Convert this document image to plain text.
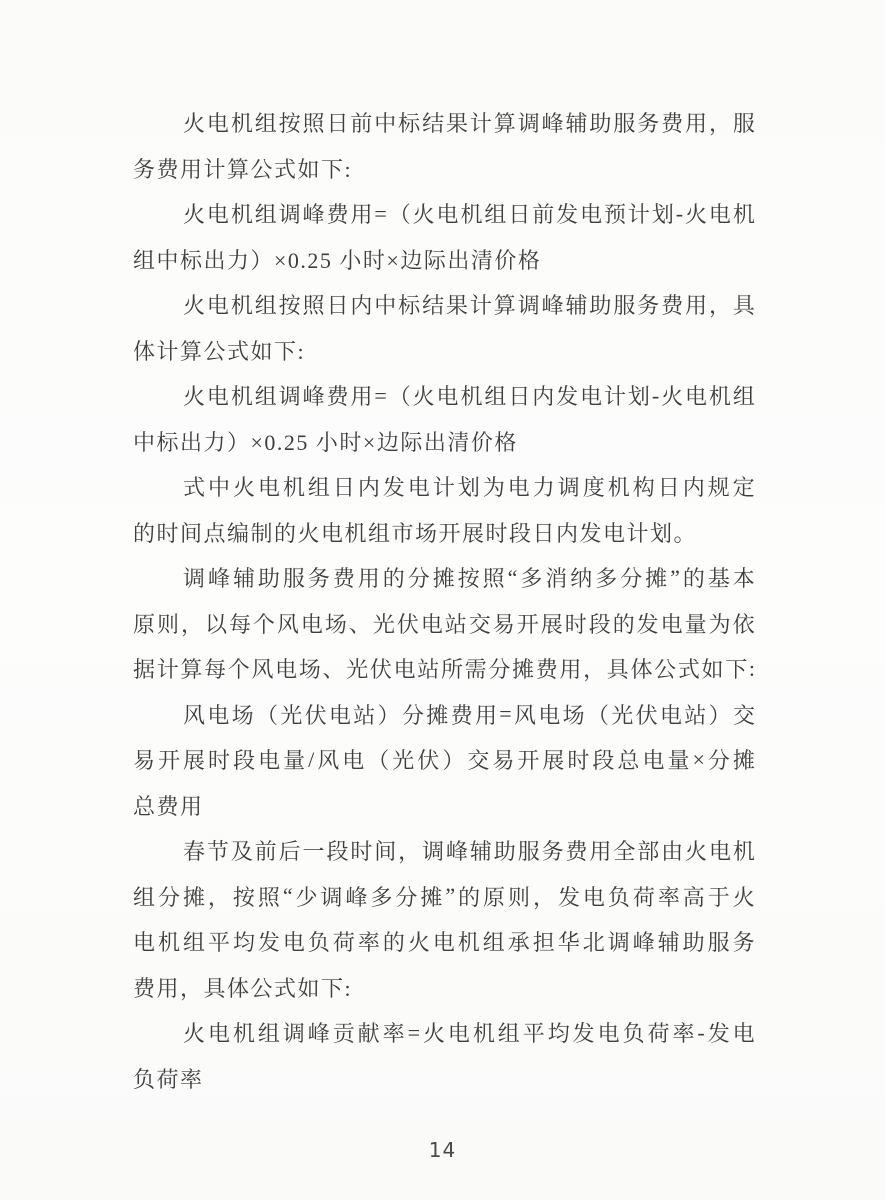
火 电 机 组 按 照 日 前 中 标 结 果 计 算 调 峰 辅 助 服 务 费 用 ， 服
务费用计算公式如下:
火 电 机 组 调 峰 费 用 = （ 火 电 机 组 日 前 发 电 预 计 划 - 火 电 机
组中标出力）×0.25 小时×边际出清价格
火 电 机 组 按 照 日 内 中 标 结 果 计 算 调 峰 辅 助 服 务 费 用 ， 具
体计算公式如下:
火 电 机 组 调 峰 费 用 = （ 火 电 机 组 日 内 发 电 计 划 - 火 电 机 组
中标出力）×0.25 小时×边际出清价格
式 中 火 电 机 组 日 内 发 电 计 划 为 电 力 调 度 机 构 日 内 规 定
的时间点编制的火电机组市场开展时段日内发电计划。
调 峰 辅 助 服 务 费 用 的 分 摊 按 照 “ 多 消 纳 多 分 摊 ” 的 基 本
原 则 ， 以 每 个 风 电 场 、 光 伏 电 站 交 易 开 展 时 段 的 发 电 量 为 依
据 计 算 每 个 风 电 场 、 光 伏 电 站 所 需 分 摊 费 用 ， 具 体 公 式 如 下 :
风 电 场 （ 光 伏 电 站 ） 分 摊 费 用 = 风 电 场 （ 光 伏 电 站 ） 交
易 开 展 时 段 电 量 / 风 电 （ 光 伏 ） 交 易 开 展 时 段 总 电 量 × 分 摊
总费用
春 节 及 前 后 一 段 时 间 ， 调 峰 辅 助 服 务 费 用 全 部 由 火 电 机
组 分 摊 ， 按 照 “ 少 调 峰 多 分 摊 ” 的 原 则 ， 发 电 负 荷 率 高 于 火
电 机 组 平 均 发 电 负 荷 率 的 火 电 机 组 承 担 华 北 调 峰 辅 助 服 务
费用，具体公式如下:
火 电 机 组 调 峰 贡 献 率 = 火 电 机 组 平 均 发 电 负 荷 率 - 发 电
负荷率
14
